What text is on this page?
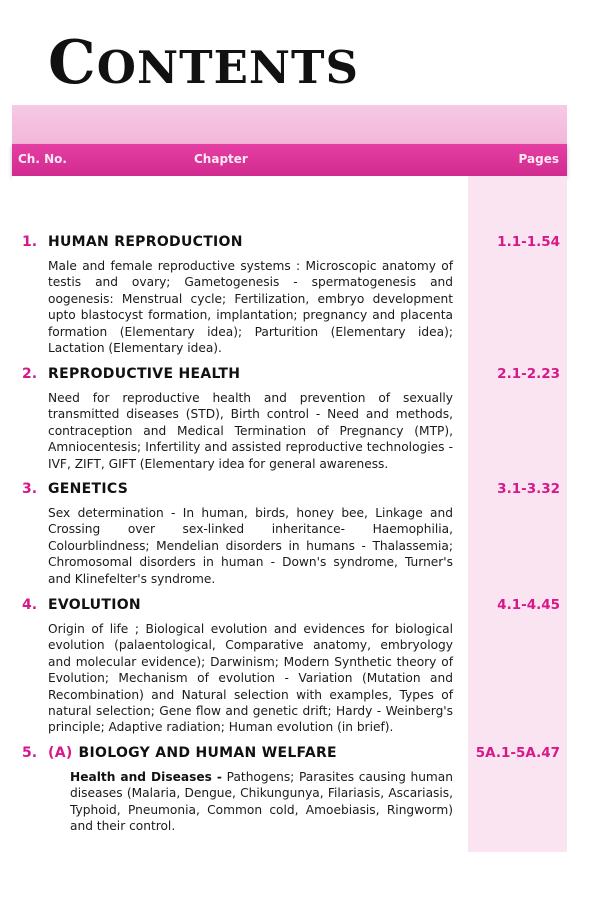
CONTENTS
Ch. No.	Chapter	Pages
1. HUMAN REPRODUCTION	1.1-1.54
Male and female reproductive systems : Microscopic anatomy of testis and ovary; Gametogenesis - spermatogenesis and oogenesis: Menstrual cycle; Fertilization, embryo development upto blastocyst formation, implantation; pregnancy and placenta formation (Elementary idea); Parturition (Elementary idea); Lactation (Elementary idea).
2. REPRODUCTIVE HEALTH	2.1-2.23
Need for reproductive health and prevention of sexually transmitted diseases (STD), Birth control - Need and methods, contraception and Medical Termination of Pregnancy (MTP), Amniocentesis; Infertility and assisted reproductive technologies - IVF, ZIFT, GIFT (Elementary idea for general awareness.
3. GENETICS	3.1-3.32
Sex determination - In human, birds, honey bee, Linkage and Crossing over sex-linked inheritance- Haemophilia, Colourblindness; Mendelian disorders in humans - Thalassemia; Chromosomal disorders in human - Down's syndrome, Turner's and Klinefelter's syndrome.
4. EVOLUTION	4.1-4.45
Origin of life ; Biological evolution and evidences for biological evolution (palaentological, Comparative anatomy, embryology and molecular evidence); Darwinism; Modern Synthetic theory of Evolution; Mechanism of evolution - Variation (Mutation and Recombination) and Natural selection with examples, Types of natural selection; Gene flow and genetic drift; Hardy - Weinberg's principle; Adaptive radiation; Human evolution (in brief).
5. (A) BIOLOGY AND HUMAN WELFARE	5A.1-5A.47
Health and Diseases - Pathogens; Parasites causing human diseases (Malaria, Dengue, Chikungunya, Filariasis, Ascariasis, Typhoid, Pneumonia, Common cold, Amoebiasis, Ringworm) and their control.
